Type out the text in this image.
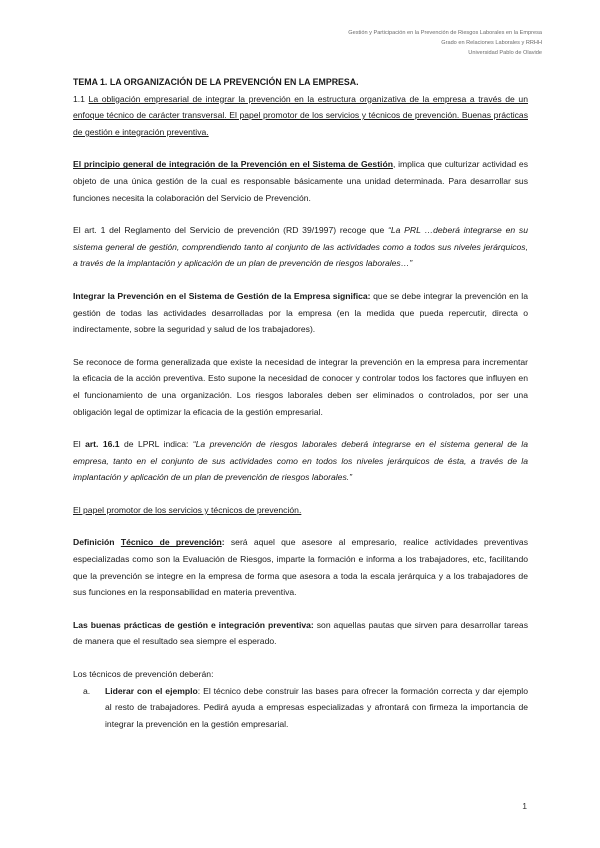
Gestión y Participación en la Prevención de Riesgos Laborales en la Empresa
Grado en Relaciones Laborales y RRHH
Universidad Pablo de Olavide

TEMA 1. LA ORGANIZACIÓN DE LA PREVENCIÓN EN LA EMPRESA.

1.1 La obligación empresarial de integrar la prevención en la estructura organizativa de la empresa a través de un enfoque técnico de carácter transversal. El papel promotor de los servicios y técnicos de prevención. Buenas prácticas de gestión e integración preventiva.

El principio general de integración de la Prevención en el Sistema de Gestión, implica que culturizar actividad es objeto de una única gestión de la cual es responsable básicamente una unidad determinada. Para desarrollar sus funciones necesita la colaboración del Servicio de Prevención.

El art. 1 del Reglamento del Servicio de prevención (RD 39/1997) recoge que “La PRL …deberá integrarse en su sistema general de gestión, comprendiendo tanto al conjunto de las actividades como a todos sus niveles jerárquicos, a través de la implantación y aplicación de un plan de prevención de riesgos laborales…”

Integrar la Prevención en el Sistema de Gestión de la Empresa significa: que se debe integrar la prevención en la gestión de todas las actividades desarrolladas por la empresa (en la medida que pueda repercutir, directa o indirectamente, sobre la seguridad y salud de los trabajadores).

Se reconoce de forma generalizada que existe la necesidad de integrar la prevención en la empresa para incrementar la eficacia de la acción preventiva. Esto supone la necesidad de conocer y controlar todos los factores que influyen en el funcionamiento de una organización. Los riesgos laborales deben ser eliminados o controlados, por ser una obligación legal de optimizar la eficacia de la gestión empresarial.

El art. 16.1 de LPRL indica: “La prevención de riesgos laborales deberá integrarse en el sistema general de la empresa, tanto en el conjunto de sus actividades como en todos los niveles jerárquicos de ésta, a través de la implantación y aplicación de un plan de prevención de riesgos laborales.”

El papel promotor de los servicios y técnicos de prevención.

Definición Técnico de prevención: será aquel que asesore al empresario, realice actividades preventivas especializadas como son la Evaluación de Riesgos, imparte la formación e informa a los trabajadores, etc, facilitando que la prevención se integre en la empresa de forma que asesora a toda la escala jerárquica y a los trabajadores de sus funciones en la responsabilidad en materia preventiva.

Las buenas prácticas de gestión e integración preventiva: son aquellas pautas que sirven para desarrollar tareas de manera que el resultado sea siempre el esperado.

Los técnicos de prevención deberán:

a.	Liderar con el ejemplo: El técnico debe construir las bases para ofrecer la formación correcta y dar ejemplo al resto de trabajadores. Pedirá ayuda a empresas especializadas y afrontará con firmeza la importancia de integrar la prevención en la gestión empresarial.
1
